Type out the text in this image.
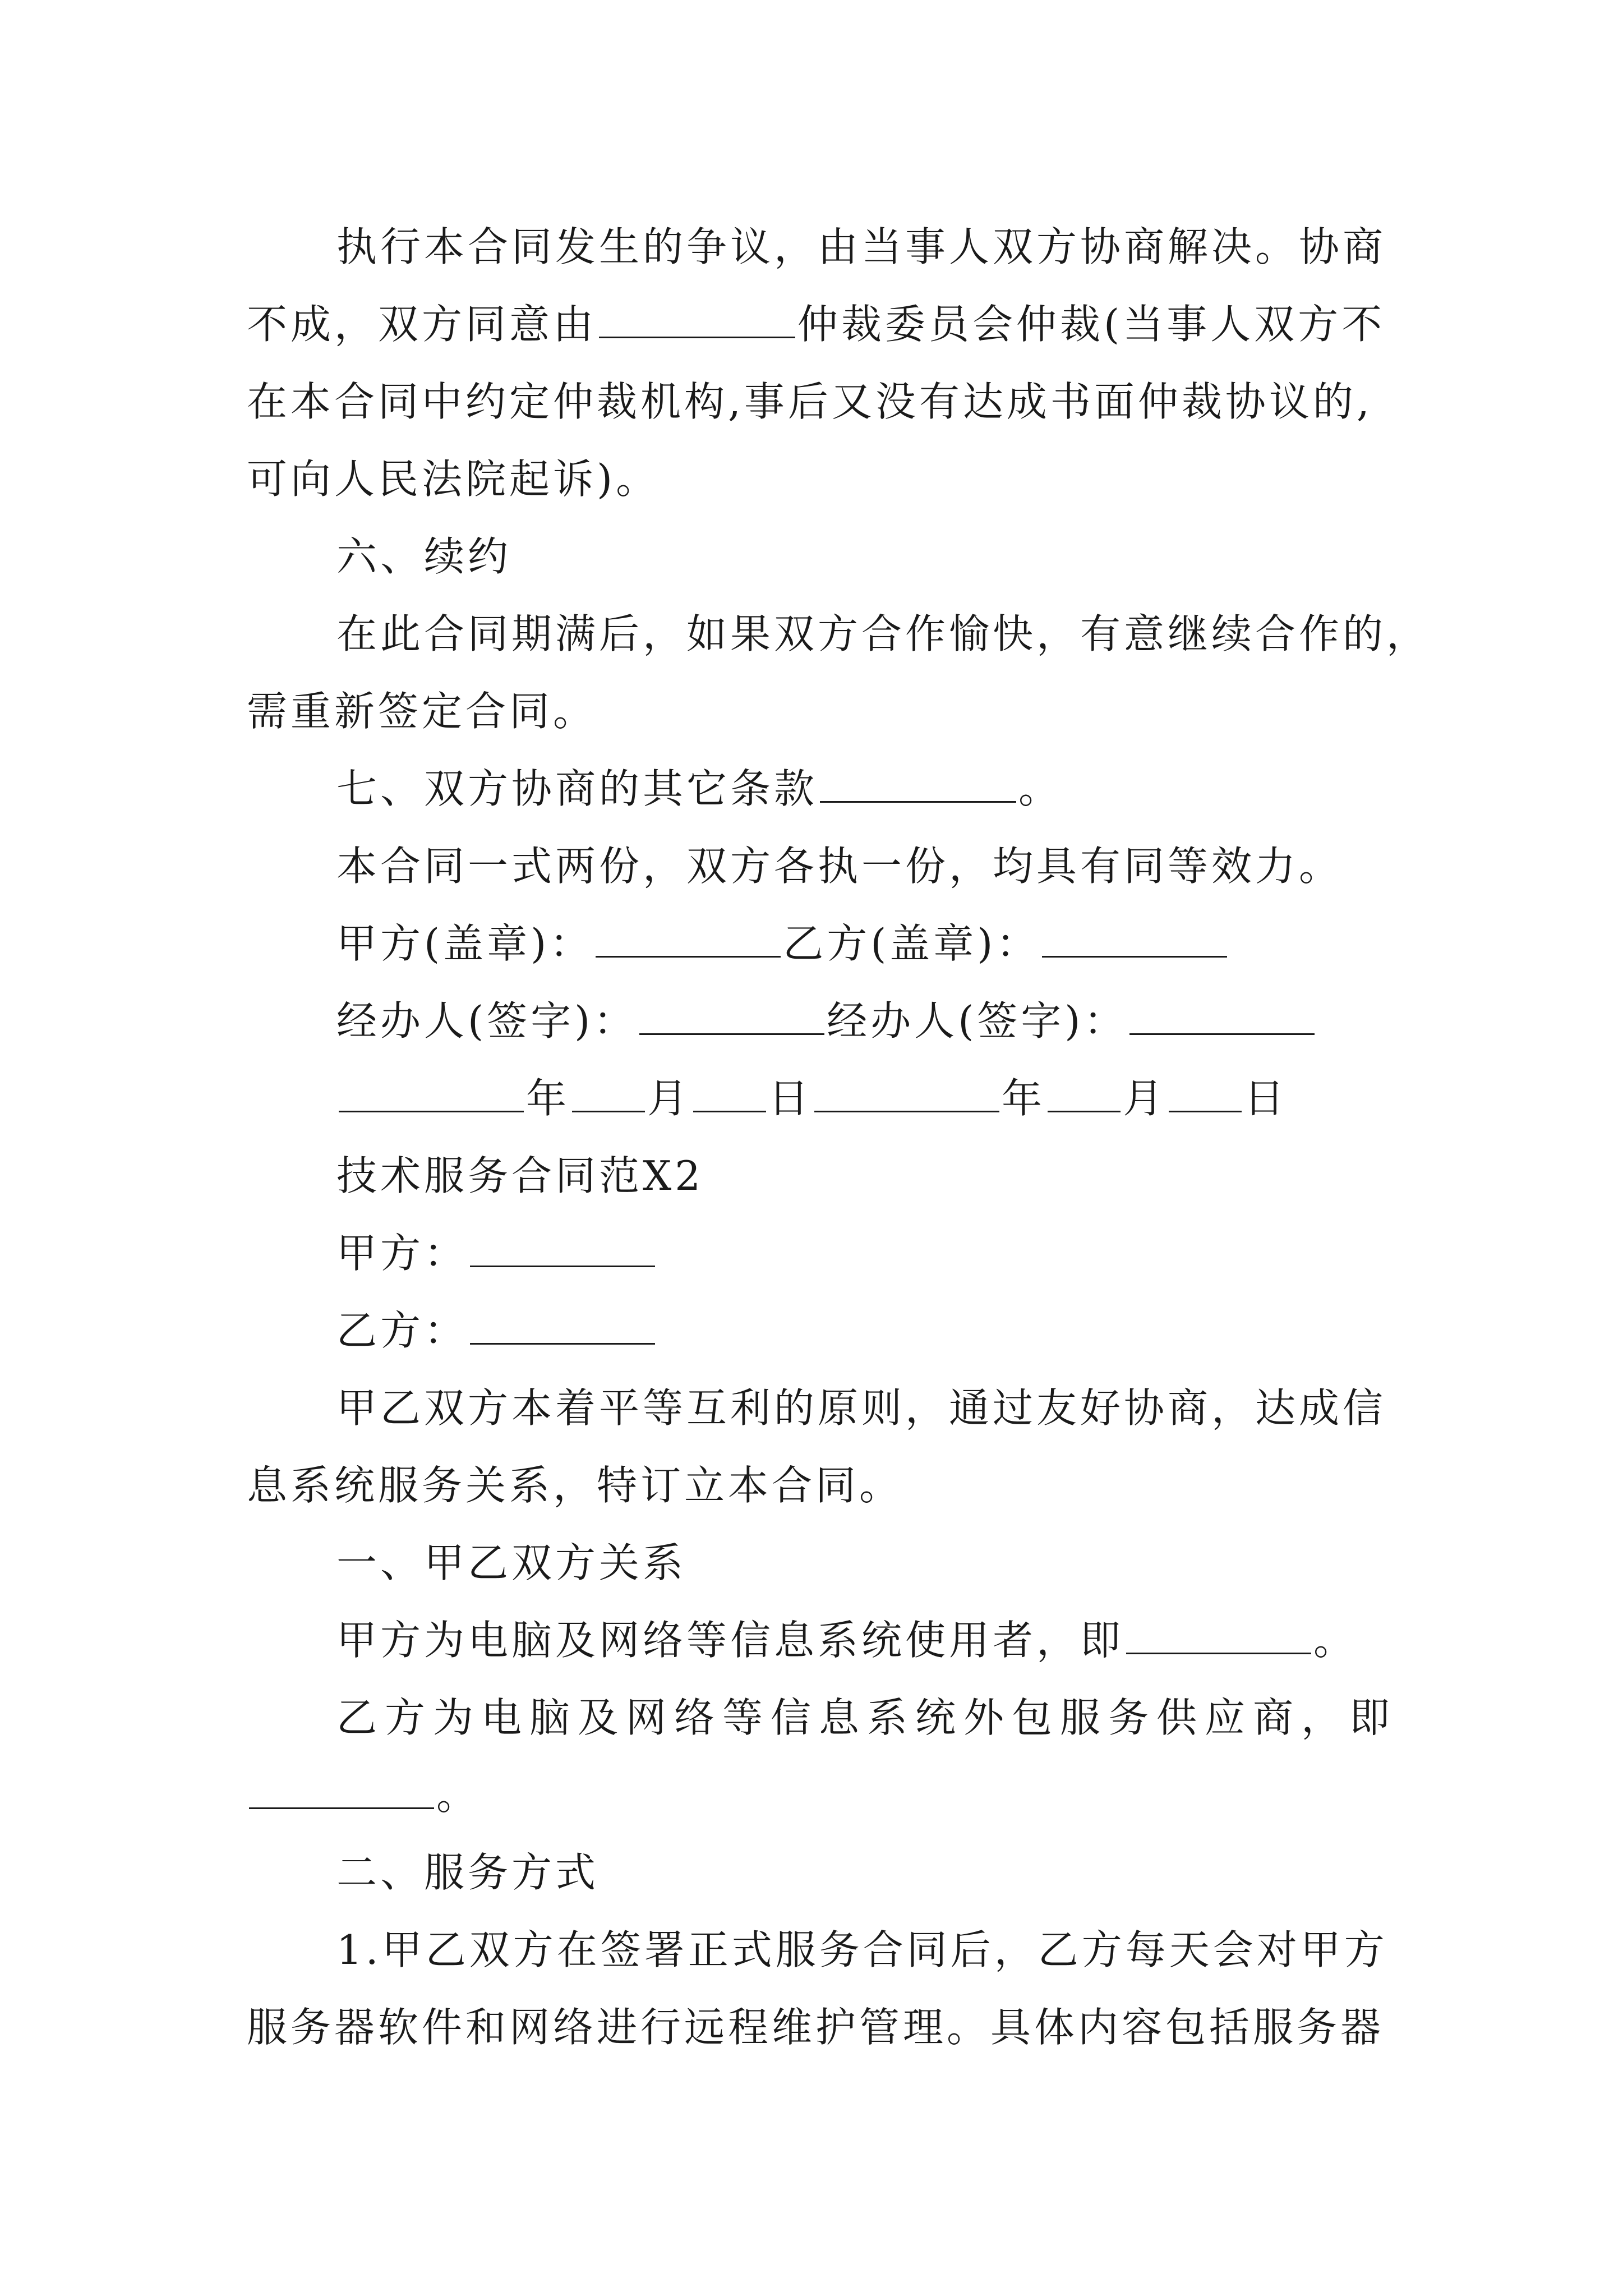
执行本合同发生的争议，由当事人双方协商解决。协商
不成，双方同意由	仲裁委员会仲裁(当事人双方不
在本合同中约定仲裁机构,事后又没有达成书面仲裁协议的,
可向人民法院起诉)。
六、续约
在此合同期满后，如果双方合作愉快，有意继续合作的，
需重新签定合同。
七、双方协商的其它条款	。
本合同一式两份，双方各执一份，均具有同等效力。
甲方(盖章)：	乙方(盖章)：
经办人(签字)：	经办人(签字)：
年 月 日	年 月 日
技术服务合同范X2
甲方：
乙方：
甲乙双方本着平等互利的原则，通过友好协商，达成信
息系统服务关系，特订立本合同。
一、甲乙双方关系
甲方为电脑及网络等信息系统使用者，即	。
乙方为电脑及网络等信息系统外包服务供应商，即
。
二、服务方式
1.甲乙双方在签署正式服务合同后，乙方每天会对甲方
服务器软件和网络进行远程维护管理。具体内容包括服务器
